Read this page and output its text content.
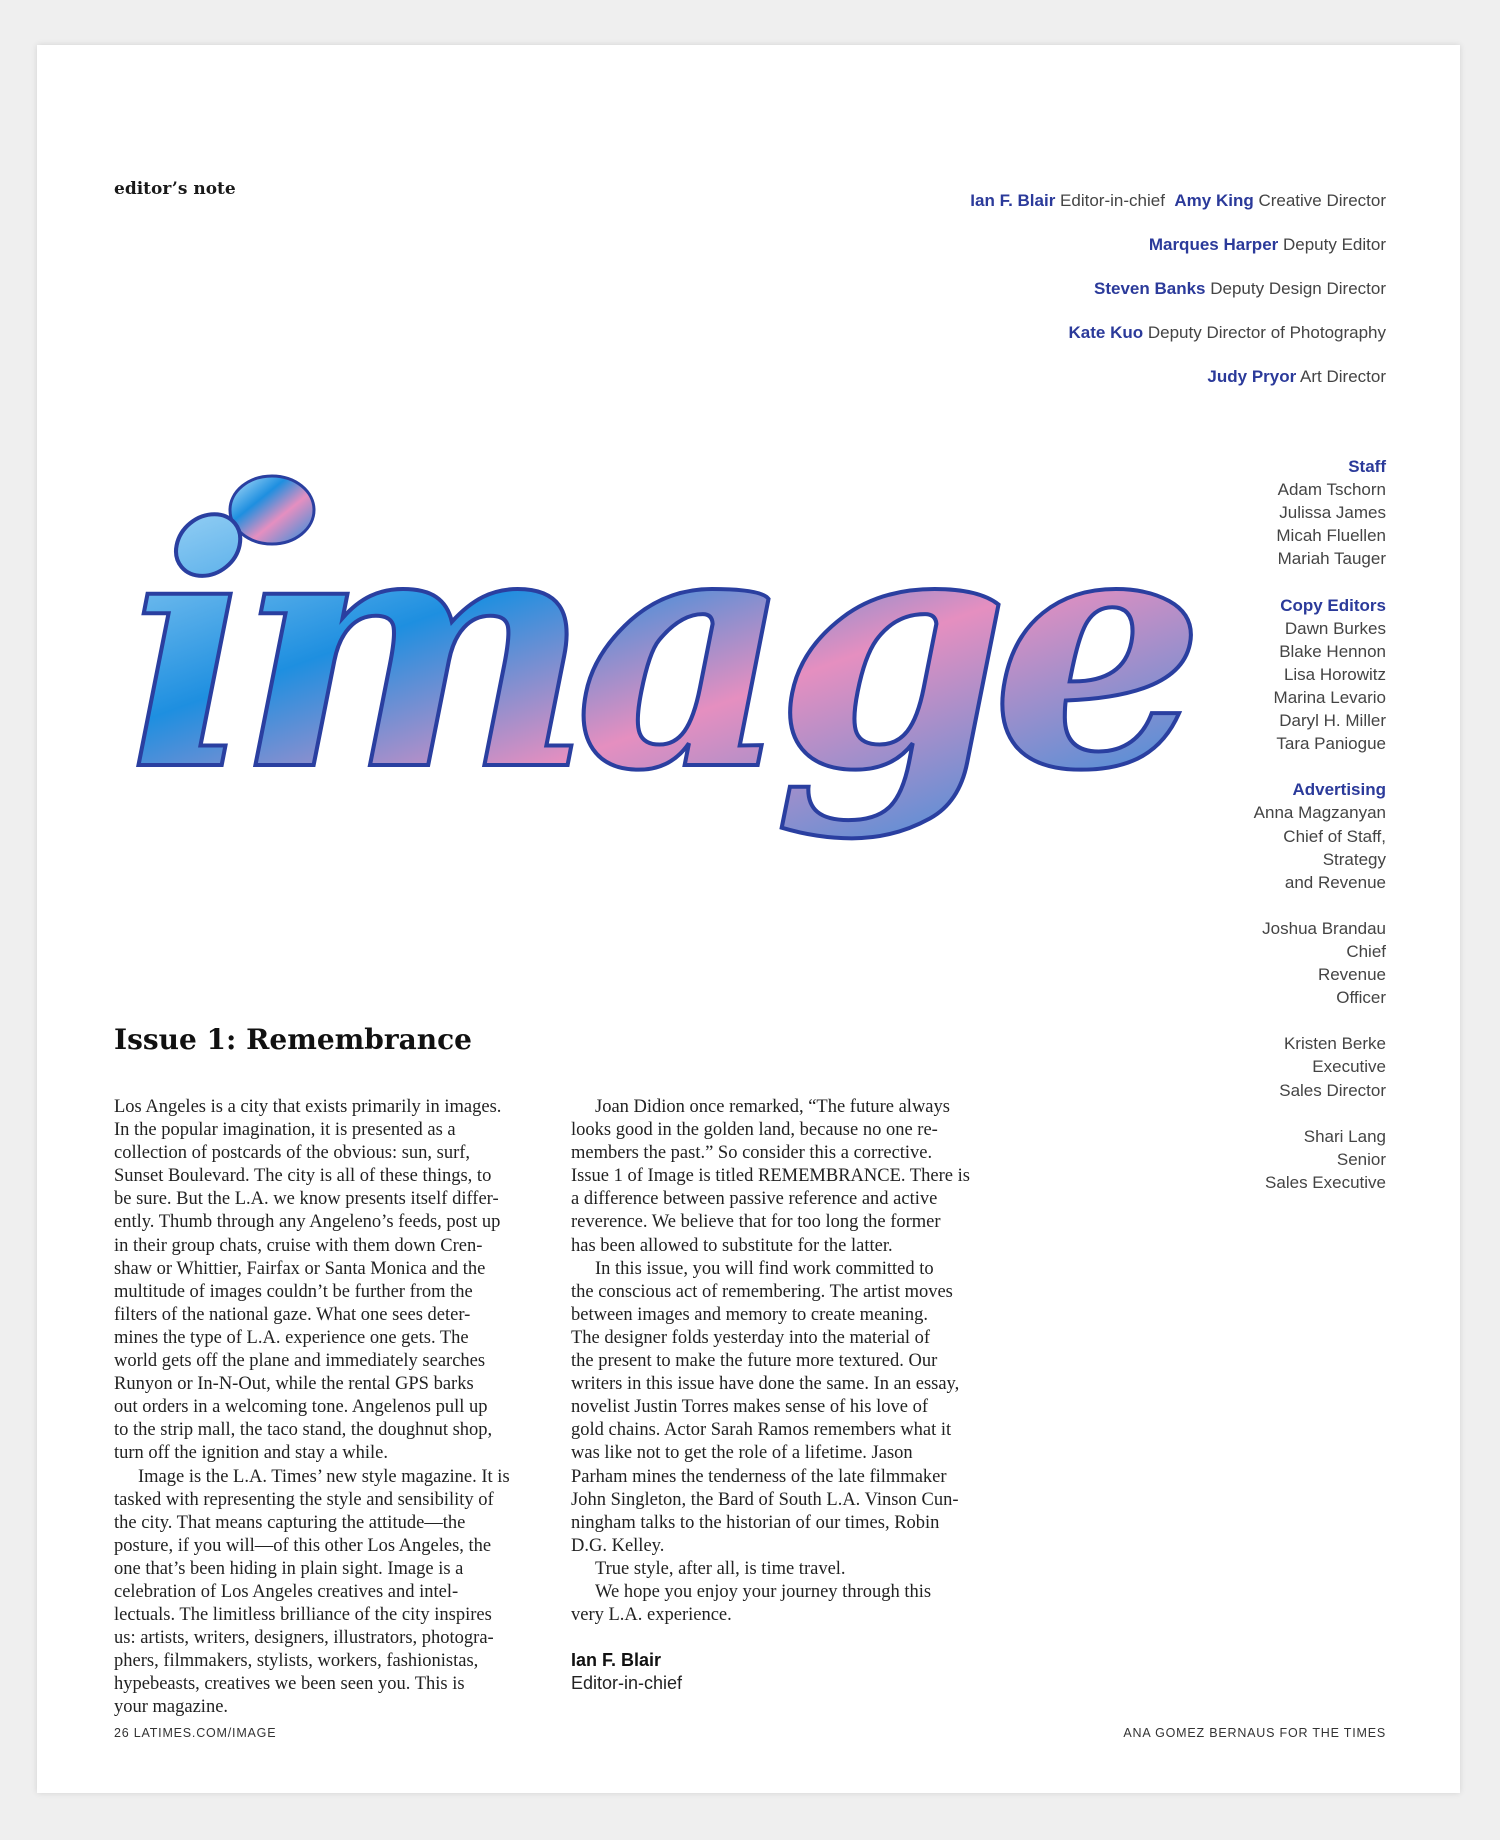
editor’s note
Ian F. Blair Editor-in-chief Amy King Creative Director
Marques Harper Deputy Editor
Steven Banks Deputy Design Director
Kate Kuo Deputy Director of Photography
Judy Pryor Art Director
Staff
Adam Tschorn
Julissa James
Micah Fluellen
Mariah Tauger
Copy Editors
Dawn Burkes
Blake Hennon
Lisa Horowitz
Marina Levario
Daryl H. Miller
Tara Paniogue
Advertising
Anna Magzanyan
Chief of Staff,
Strategy
and Revenue
Joshua Brandau
Chief
Revenue
Officer
Kristen Berke
Executive
Sales Director
Shari Lang
Senior
Sales Executive
image
Issue 1: Remembrance
Los Angeles is a city that exists primarily in images.
In the popular imagination, it is presented as a
collection of postcards of the obvious: sun, surf,
Sunset Boulevard. The city is all of these things, to
be sure. But the L.A. we know presents itself differ-
ently. Thumb through any Angeleno’s feeds, post up
in their group chats, cruise with them down Cren-
shaw or Whittier, Fairfax or Santa Monica and the
multitude of images couldn’t be further from the
filters of the national gaze. What one sees deter-
mines the type of L.A. experience one gets. The
world gets off the plane and immediately searches
Runyon or In-N-Out, while the rental GPS barks
out orders in a welcoming tone. Angelenos pull up
to the strip mall, the taco stand, the doughnut shop,
turn off the ignition and stay a while.
Image is the L.A. Times’ new style magazine. It is
tasked with representing the style and sensibility of
the city. That means capturing the attitude—the
posture, if you will—of this other Los Angeles, the
one that’s been hiding in plain sight. Image is a
celebration of Los Angeles creatives and intel-
lectuals. The limitless brilliance of the city inspires
us: artists, writers, designers, illustrators, photogra-
phers, filmmakers, stylists, workers, fashionistas,
hypebeasts, creatives we been seen you. This is
your magazine.
Joan Didion once remarked, “The future always
looks good in the golden land, because no one re-
members the past.” So consider this a corrective.
Issue 1 of Image is titled REMEMBRANCE. There is
a difference between passive reference and active
reverence. We believe that for too long the former
has been allowed to substitute for the latter.
In this issue, you will find work committed to
the conscious act of remembering. The artist moves
between images and memory to create meaning.
The designer folds yesterday into the material of
the present to make the future more textured. Our
writers in this issue have done the same. In an essay,
novelist Justin Torres makes sense of his love of
gold chains. Actor Sarah Ramos remembers what it
was like not to get the role of a lifetime. Jason
Parham mines the tenderness of the late filmmaker
John Singleton, the Bard of South L.A. Vinson Cun-
ningham talks to the historian of our times, Robin
D.G. Kelley.
True style, after all, is time travel.
We hope you enjoy your journey through this
very L.A. experience.
Ian F. Blair
Editor-in-chief
26 LATIMES.COM/IMAGE	ANA GOMEZ BERNAUS FOR THE TIMES
